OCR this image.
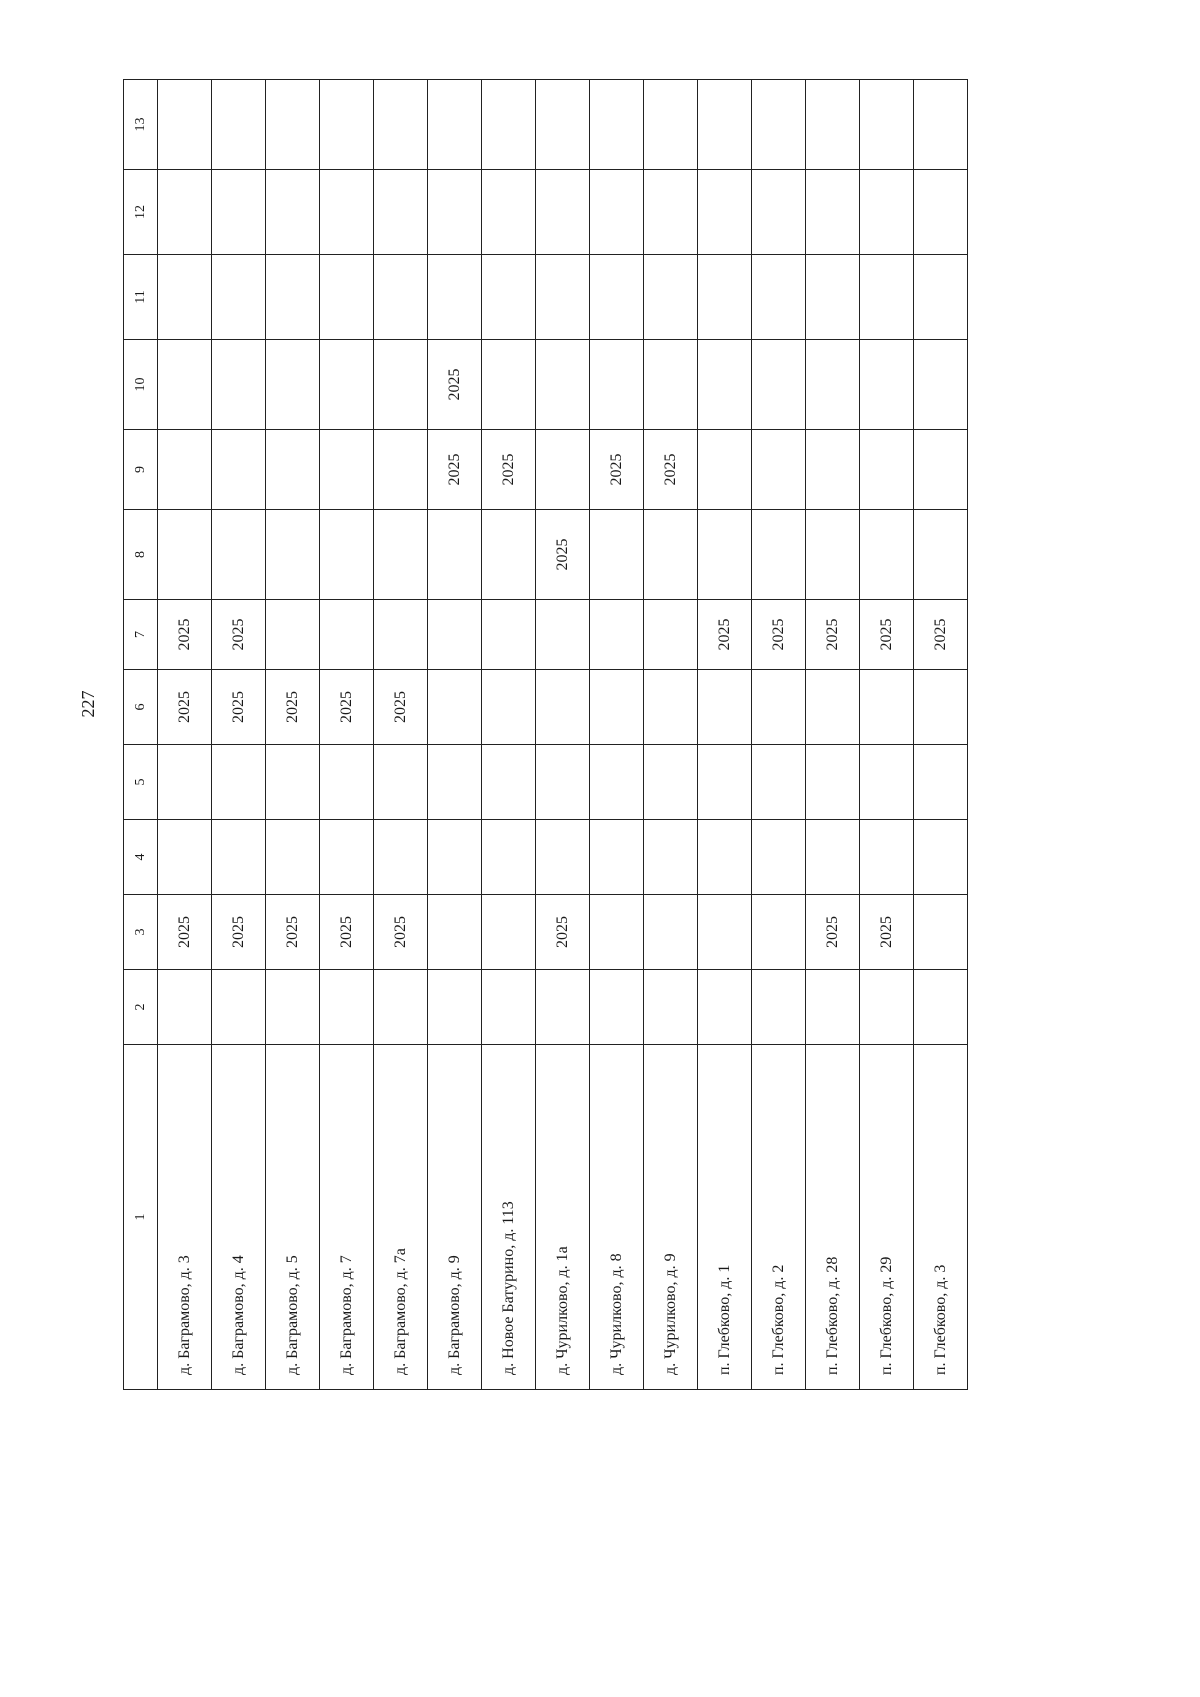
227
1	2	3	4	5	6	7	8	9	10	11	12	13
д. Баграмово, д. 3		2025			2025	2025						
д. Баграмово, д. 4		2025			2025	2025						
д. Баграмово, д. 5		2025			2025							
д. Баграмово, д. 7		2025			2025							
д. Баграмово, д. 7а		2025			2025							
д. Баграмово, д. 9								2025	2025			
д. Новое Батурино, д. 113								2025				
д. Чурилково, д. 1а		2025					2025					
д. Чурилково, д. 8								2025				
д. Чурилково, д. 9								2025				
п. Глебково, д. 1						2025						
п. Глебково, д. 2						2025						
п. Глебково, д. 28		2025				2025						
п. Глебково, д. 29		2025				2025						
п. Глебково, д. 3						2025						
